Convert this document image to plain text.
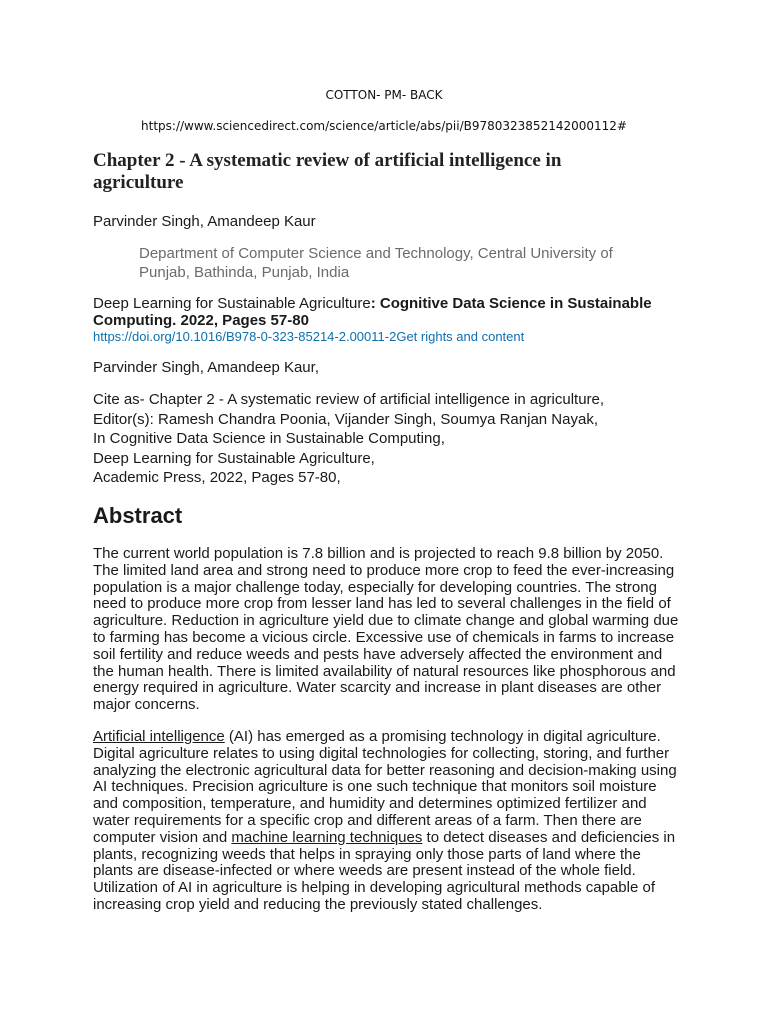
COTTON- PM- BACK
https://www.sciencedirect.com/science/article/abs/pii/B9780323852142000112#
Chapter 2 - A systematic review of artificial intelligence in agriculture
Parvinder Singh, Amandeep Kaur
Department of Computer Science and Technology, Central University of Punjab, Bathinda, Punjab, India
Deep Learning for Sustainable Agriculture: Cognitive Data Science in Sustainable Computing. 2022, Pages 57-80
https://doi.org/10.1016/B978-0-323-85214-2.00011-2Get rights and content
Parvinder Singh, Amandeep Kaur,
Cite as- Chapter 2 - A systematic review of artificial intelligence in agriculture,
Editor(s): Ramesh Chandra Poonia, Vijander Singh, Soumya Ranjan Nayak,
In Cognitive Data Science in Sustainable Computing,
Deep Learning for Sustainable Agriculture,
Academic Press, 2022, Pages 57-80,
Abstract

The current world population is 7.8 billion and is projected to reach 9.8 billion by 2050. The limited land area and strong need to produce more crop to feed the ever-increasing population is a major challenge today, especially for developing countries. The strong need to produce more crop from lesser land has led to several challenges in the field of agriculture. Reduction in agriculture yield due to climate change and global warming due to farming has become a vicious circle. Excessive use of chemicals in farms to increase soil fertility and reduce weeds and pests have adversely affected the environment and the human health. There is limited availability of natural resources like phosphorous and energy required in agriculture. Water scarcity and increase in plant diseases are other major concerns.

Artificial intelligence (AI) has emerged as a promising technology in digital agriculture. Digital agriculture relates to using digital technologies for collecting, storing, and further analyzing the electronic agricultural data for better reasoning and decision-making using AI techniques. Precision agriculture is one such technique that monitors soil moisture and composition, temperature, and humidity and determines optimized fertilizer and water requirements for a specific crop and different areas of a farm. Then there are computer vision and machine learning techniques to detect diseases and deficiencies in plants, recognizing weeds that helps in spraying only those parts of land where the plants are disease-infected or where weeds are present instead of the whole field. Utilization of AI in agriculture is helping in developing agricultural methods capable of increasing crop yield and reducing the previously stated challenges.
